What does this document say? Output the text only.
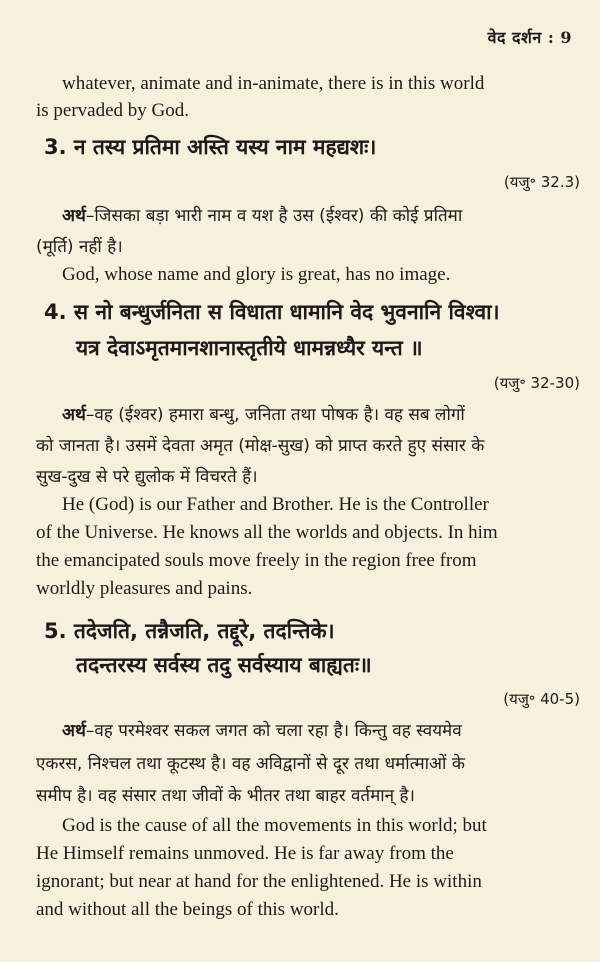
वेद दर्शन : 9
whatever, animate and in-animate, there is in this world
is pervaded by God.
3. न तस्य प्रतिमा अस्ति यस्य नाम महद्यशः।
(यजु॰ 32.3)
अर्थ–जिसका बड़ा भारी नाम व यश है उस (ईश्वर) की कोई प्रतिमा
(मूर्ति) नहीं है।
God, whose name and glory is great, has no image.
4. स नो बन्धुर्जनिता स विधाता धामानि वेद भुवनानि विश्वा।
यत्र देवाऽमृतमानशानास्तृतीये धामन्नध्यैर यन्त ॥
(यजु॰ 32-30)
अर्थ–वह (ईश्वर) हमारा बन्धु, जनिता तथा पोषक है। वह सब लोगों
को जानता है। उसमें देवता अमृत (मोक्ष-सुख) को प्राप्त करते हुए संसार के
सुख-दुख से परे द्युलोक में विचरते हैं।
He (God) is our Father and Brother. He is the Controller
of the Universe. He knows all the worlds and objects. In him
the emancipated souls move freely in the region free from
worldly pleasures and pains.
5. तदेजति, तन्नैजति, तद्दूरे, तदन्तिके।
तदन्तरस्य सर्वस्य तदु सर्वस्याय बाह्यतः॥
(यजु॰ 40-5)
अर्थ–वह परमेश्वर सकल जगत को चला रहा है। किन्तु वह स्वयमेव
एकरस, निश्चल तथा कूटस्थ है। वह अविद्वानों से दूर तथा धर्मात्माओं के
समीप है। वह संसार तथा जीवों के भीतर तथा बाहर वर्तमान् है।
God is the cause of all the movements in this world; but
He Himself remains unmoved. He is far away from the
ignorant; but near at hand for the enlightened. He is within
and without all the beings of this world.
